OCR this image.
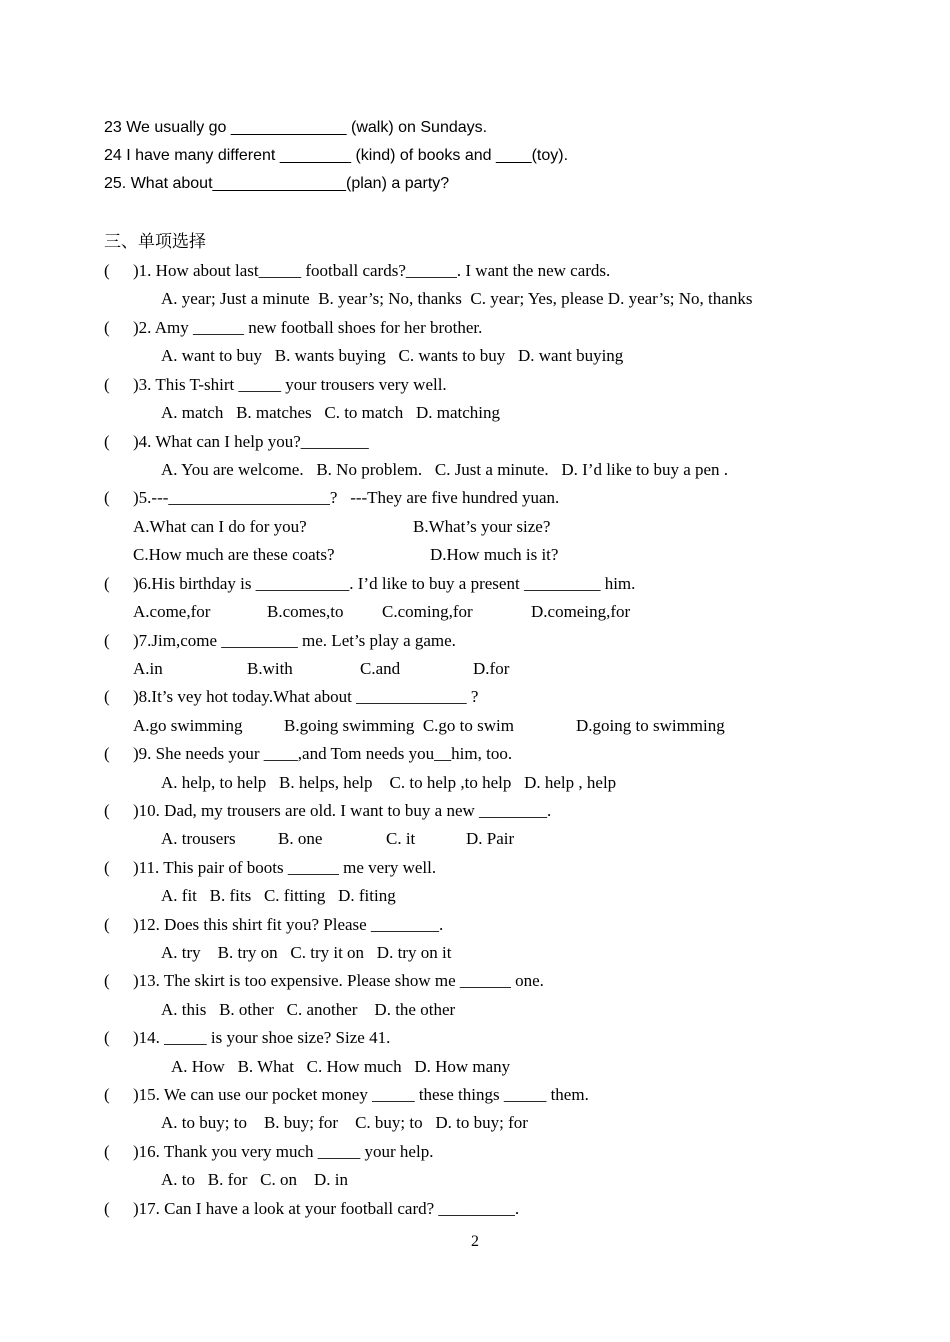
23 We usually go _____________ (walk) on Sundays.
24 I have many different ________ (kind) of books and ____(toy).
25. What about_______________(plan) a party?
三、单项选择
( )1. How about last_____ football cards?______. I want the new cards.
A. year; Just a minute  B. year’s; No, thanks  C. year; Yes, please D. year’s; No, thanks
( )2. Amy ______ new football shoes for her brother.
A. want to buy   B. wants buying   C. wants to buy   D. want buying
( )3. This T-shirt _____ your trousers very well.
A. match   B. matches   C. to match   D. matching
( )4. What can I help you?________
A. You are welcome.   B. No problem.   C. Just a minute.   D. I’d like to buy a pen .
( )5.---___________________?   ---They are five hundred yuan.
A.What can I do for you?	B.What’s your size?
C.How much are these coats?	D.How much is it?
( )6.His birthday is ___________. I’d like to buy a present _________ him.
A.come,for	B.comes,to C.coming,for	D.comeing,for
( )7.Jim,come _________ me. Let’s play a game.
A.in	B.with	C.and	D.for
( )8.It’s vey hot today.What about _____________ ?
A.go swimming B.going swimming  C.go to swim	D.going to swimming
( )9. She needs your ____,and Tom needs you__him, too.
A. help, to help   B. helps, help    C. to help ,to help   D. help , help
( )10. Dad, my trousers are old. I want to buy a new ________.
A. trousers B. one	C. it	D. Pair
( )11. This pair of boots ______ me very well.
A. fit   B. fits   C. fitting   D. fiting
( )12. Does this shirt fit you? Please ________.
A. try    B. try on   C. try it on   D. try on it
( )13. The skirt is too expensive. Please show me ______ one.
A. this   B. other   C. another    D. the other
( )14. _____ is your shoe size? Size 41.
A. How   B. What   C. How much   D. How many
( )15. We can use our pocket money _____ these things _____ them.
A. to buy; to    B. buy; for    C. buy; to   D. to buy; for
( )16. Thank you very much _____ your help.
A. to   B. for   C. on    D. in
( )17. Can I have a look at your football card? _________.
2
